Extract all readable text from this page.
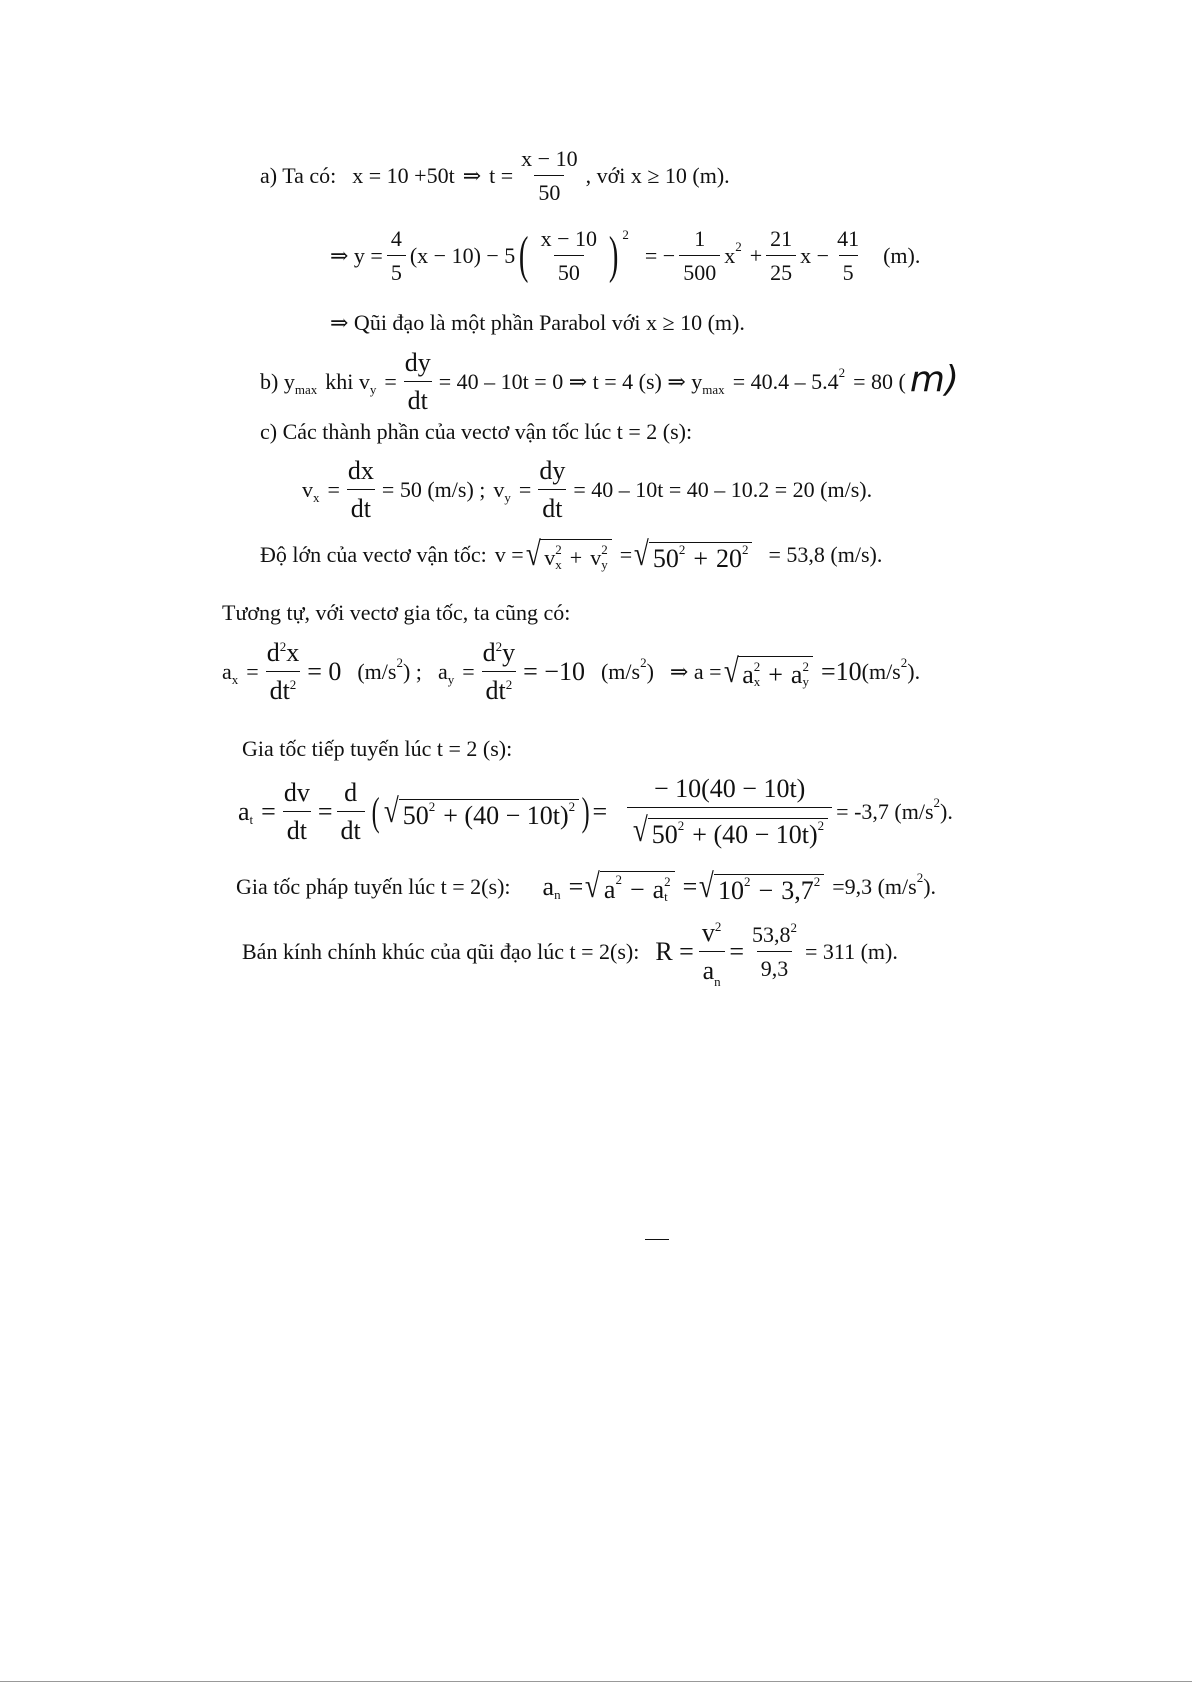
a) Ta có: x = 10 +50t ⇒ $t = \frac{x - 10}{50}$ , với x ≥ 10 (m).
⇒ $y = \frac{4}{5} (x - 10) - 5$ ( $\frac{x - 10}{50}$ ) 2
= − $\frac{1}{500}$ x $2 + \frac{21}{25}$ $x - \frac{41}{5} (m)$.
⇒ Qũi đạo là một phần Parabol với x ≥ 10 (m).
b) y max khi v $y = \frac{dy}{dt} = 40 - 10t = 0$ ⇒ t = 4 (s) ⇒ y max = 40.4 – 5.4 2 = 80 ( m)
c) Các thành phần của vectơ vận tốc lúc t = 2 (s):
v $x = \frac{dx}{dt} = 50$ (m/s) ; v $y = \frac{dy}{dt} = 40 - 10t = 40 - 10.2 = 20$ (m/s).
Độ lớn của vectơ vận tốc: v = √ v 2
x + v 2
y = √ 50 2 + 20 2 = 53,8 (m/s).
Tương tự, với vectơ gia tốc, ta cũng có:
a $x = \frac{d^2x}{dt^2} = 0$ (m/s 2 ) ; a $y = \frac{d^2y}{dt^2} = -10$ (m/s 2 ) ⇒ a = √ a 2
x + a 2
y =10 (m/s 2 ).
Gia tốc tiếp tuyến lúc t = 2 (s):
a $t = \frac{dv}{dt} = \frac{d}{dt}$ ( √ 50 2 + (40 − 10t) 2 ) =
− 10(40 − 10t)
√ 50 2 + (40 − 10t) 2
= -3,7 (m/s 2 ).
Gia tốc pháp tuyến lúc t = 2(s): a n = √ a 2 − a 2
t = √ 10 2 − 3,7 2 =9,3 (m/s 2 ).
Bán kính chính khúc của qũi đạo lúc t = 2(s): $R = \frac{v^2}{a_n} = \frac{53,8^2}{9,3} = 311$ (m).
